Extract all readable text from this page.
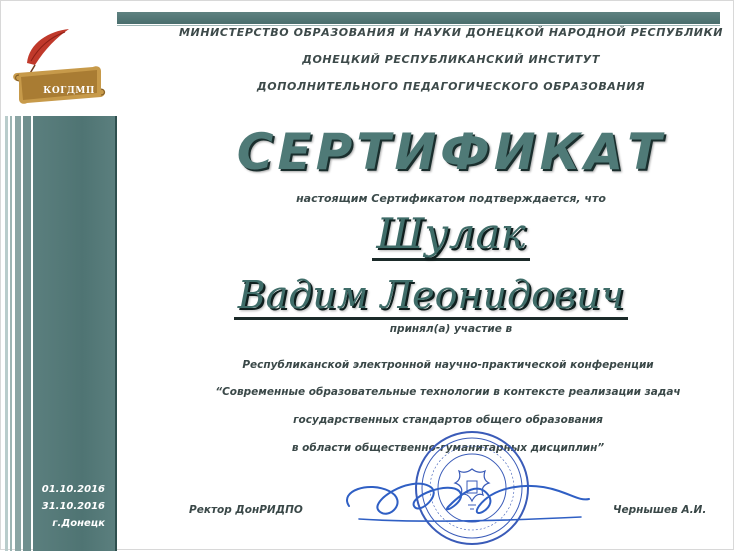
КОГДМП
МИНИСТЕРСТВО ОБРАЗОВАНИЯ И НАУКИ ДОНЕЦКОЙ НАРОДНОЙ РЕСПУБЛИКИ
ДОНЕЦКИЙ РЕСПУБЛИКАНСКИЙ ИНСТИТУТ
ДОПОЛНИТЕЛЬНОГО ПЕДАГОГИЧЕСКОГО ОБРАЗОВАНИЯ
СЕРТИФИКАТ
настоящим Сертификатом подтверждается, что
Шулак
Вадим Леонидович
принял(а) участие в
Республиканской электронной научно-практической конференции
“Современные образовательные технологии в контексте реализации задач
государственных стандартов общего образования
в области общественно-гуманитарных дисциплин”
01.10.2016
31.10.2016
г.Донецк
Ректор ДонРИДПО	Чернышев А.И.
